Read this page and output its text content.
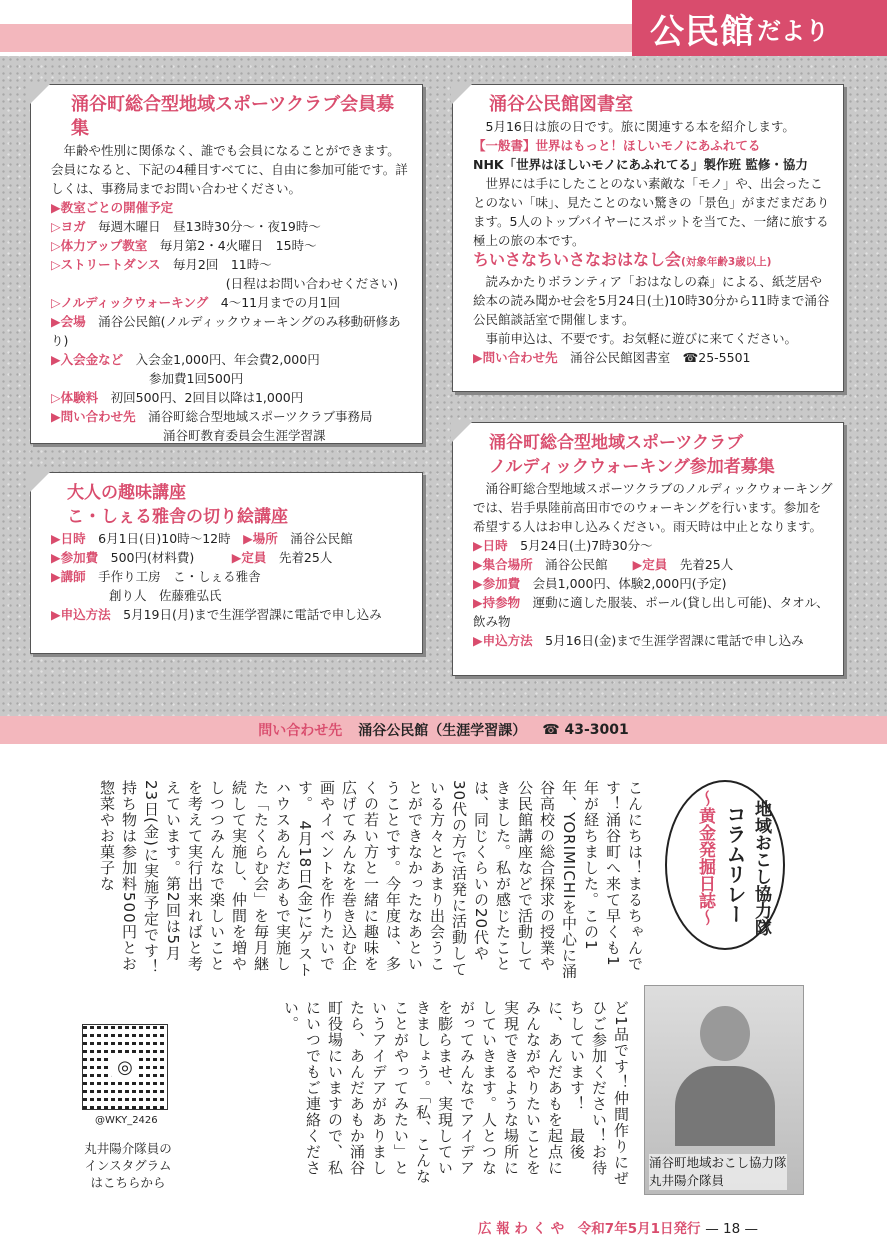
公民館 だより
涌谷町総合型地域スポーツクラブ会員募集

年齢や性別に関係なく、誰でも会員になることができます。会員になると、下記の4種目すべてに、自由に参加可能です。詳しくは、事務局までお問い合わせください。

▶教室ごとの開催予定

▷ヨガ　 毎週木曜日　昼13時30分〜・夜19時〜
▷体力アップ教室　 毎月第2・4火曜日　15時〜
▷ストリートダンス　 毎月2回　11時〜
(日程はお問い合わせください)
▷ノルディックウォーキング　 4〜11月までの月1回

▶会場　 涌谷公民館(ノルディックウォーキングのみ移動研修あり)

▶入会金など　 入会金1,000円、年会費2,000円

参加費1回500円

▷体験料　 初回500円、2回目以降は1,000円

▶問い合わせ先　 涌谷町総合型地域スポーツクラブ事務局

涌谷町教育委員会生涯学習課

涌谷公民館図書室

5月16日は旅の日です。旅に関連する本を紹介します。

【一般書】世界はもっと！ほしいモノにあふれてる

NHK「世界はほしいモノにあふれてる」製作班 監修・協力

世界には手にしたことのない素敵な「モノ」や、出会ったことのない「味」、見たことのない驚きの「景色」がまだまだあります。5人のトップバイヤーにスポットを当てた、一緒に旅する極上の旅の本です。

ちいさなちいさなおはなし会(対象年齢3歳以上)

読みかたりボランティア「おはなしの森」による、紙芝居や絵本の読み聞かせ会を5月24日(土)10時30分から11時まで涌谷公民館談話室で開催します。

事前申込は、不要です。お気軽に遊びに来てください。

▶問い合わせ先　 涌谷公民館図書室　 ☎25-5501

大人の趣味講座
こ・しぇる雅舎の切り絵講座

▶日時　 6月1日(日)10時〜12時　 ▶場所　 涌谷公民館

▶参加費　 500円(材料費)　　　	▶定員　 先着25人

▶講師　 手作り工房　こ・しぇる雅舎

創り人　佐藤雅弘氏

▶申込方法　 5月19日(月)まで生涯学習課に電話で申し込み

涌谷町総合型地域スポーツクラブ
ノルディックウォーキング参加者募集

涌谷町総合型地域スポーツクラブのノルディックウォーキングでは、岩手県陸前高田市でのウォーキングを行います。参加を希望する人はお申し込みください。雨天時は中止となります。

▶日時　 5月24日(土)7時30分〜

▶集合場所　 涌谷公民館　　 ▶定員　 先着25人

▶参加費　 会員1,000円、体験2,000円(予定)

▶持参物　 運動に適した服装、ポール(貸し出し可能)、タオル、飲み物

▶申込方法　 5月16日(金)まで生涯学習課に電話で申し込み

問い合わせ先 涌谷公民館（生涯学習課） ☎ 43-3001
地域おこし協力隊
コラムリレー
〜黄金発掘日誌〜
こんにちは！まるちゃんです！涌谷町へ来て早くも1年が経ちました。この1年、YORIMICHIを中心に涌谷高校の総合探求の授業や公民館講座などで活動してきました。私が感じたことは、同じくらいの20代や30代の方で活発に活動している方々とあまり出会うことができなかったなあということです。今年度は、多くの若い方と一緒に趣味を広げてみんなを巻き込む企画やイベントを作りたいです。　4月18日(金)にゲストハウスあんだあもで実施した「たくらむ会」を毎月継続して実施し、仲間を増やしつつみんなで楽しいことを考えて実行出来ればと考えています。第2回は5月23日(金)に実施予定です！持ち物は参加料500円とお惣菜やお菓子な
ど1品です！仲間作りにぜひご参加ください！お待ちしています！　最後に、あんだあもを起点にみんながやりたいことを実現できるような場所にしていきます。人とつながってみんなでアイデアを膨らませ、実現していきましょう。「私、こんなことがやってみたい」というアイデアがありましたら、あんだあもか涌谷町役場にいますので、私にいつでもご連絡ください。
涌谷町地域おこし協力隊
丸井陽介隊員
◎
@WKY_2426
丸井陽介隊員の
インスタグラム
はこちらから
広 報 わ く や　令和7年5月1日発行 — 18 —
